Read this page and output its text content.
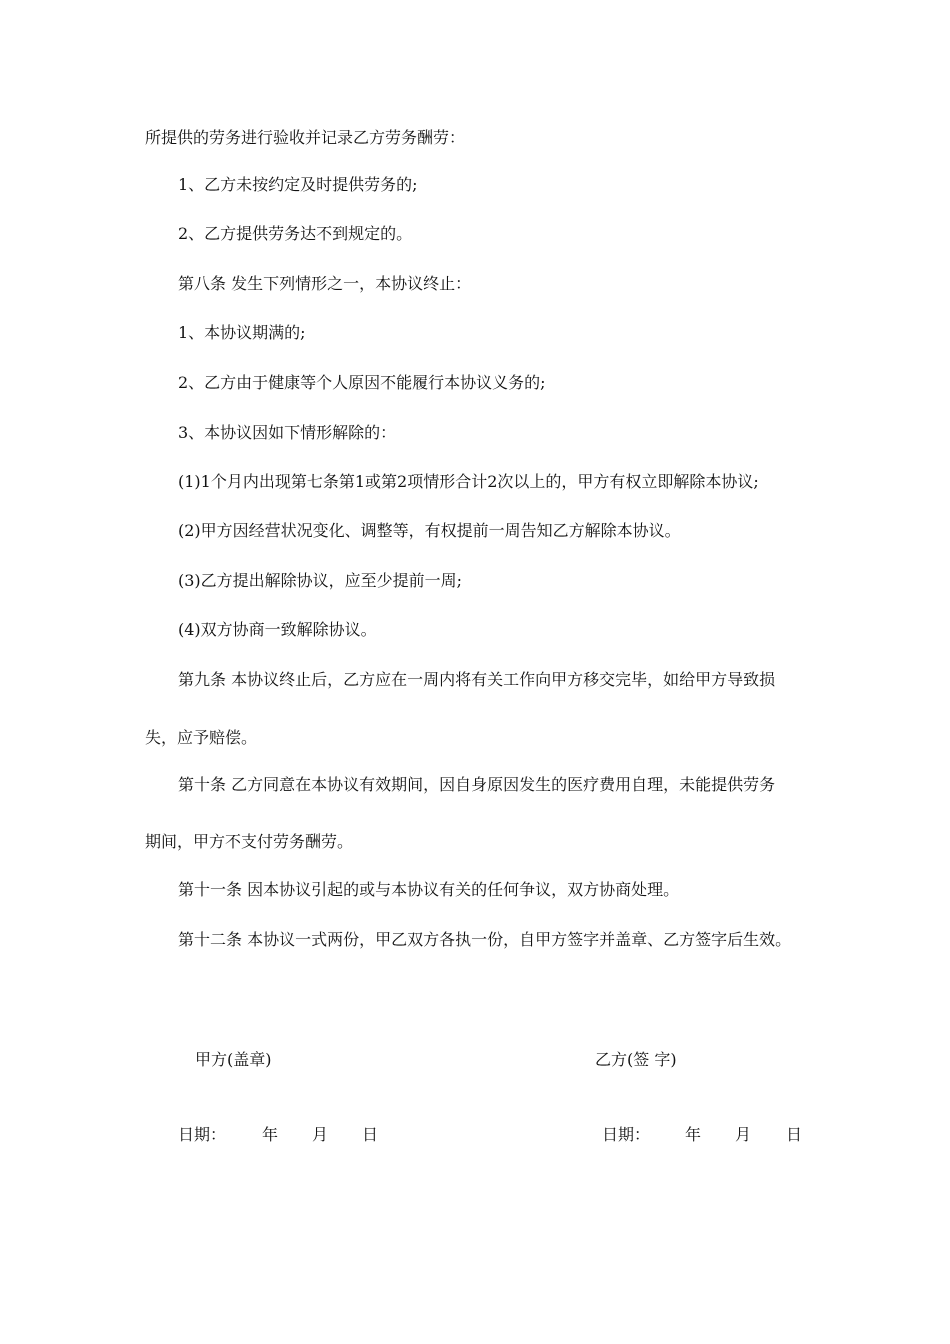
所提供的劳务进行验收并记录乙方劳务酬劳：
1、乙方未按约定及时提供劳务的;
2、乙方提供劳务达不到规定的。
第八条 发生下列情形之一，本协议终止：
1、本协议期满的;
2、乙方由于健康等个人原因不能履行本协议义务的;
3、本协议因如下情形解除的：
(1)1个月内出现第七条第1或第2项情形合计2次以上的，甲方有权立即解除本协议;
(2)甲方因经营状况变化、调整等，有权提前一周告知乙方解除本协议。
(3)乙方提出解除协议，应至少提前一周;
(4)双方协商一致解除协议。
第九条 本协议终止后，乙方应在一周内将有关工作向甲方移交完毕，如给甲方导致损
失，应予赔偿。
第十条 乙方同意在本协议有效期间，因自身原因发生的医疗费用自理，未能提供劳务
期间，甲方不支付劳务酬劳。
第十一条 因本协议引起的或与本协议有关的任何争议，双方协商处理。
第十二条 本协议一式两份，甲乙双方各执一份，自甲方签字并盖章、乙方签字后生效。
甲方(盖章)	乙方(签 字)
日期： 年 月 日	日期： 年 月 日
